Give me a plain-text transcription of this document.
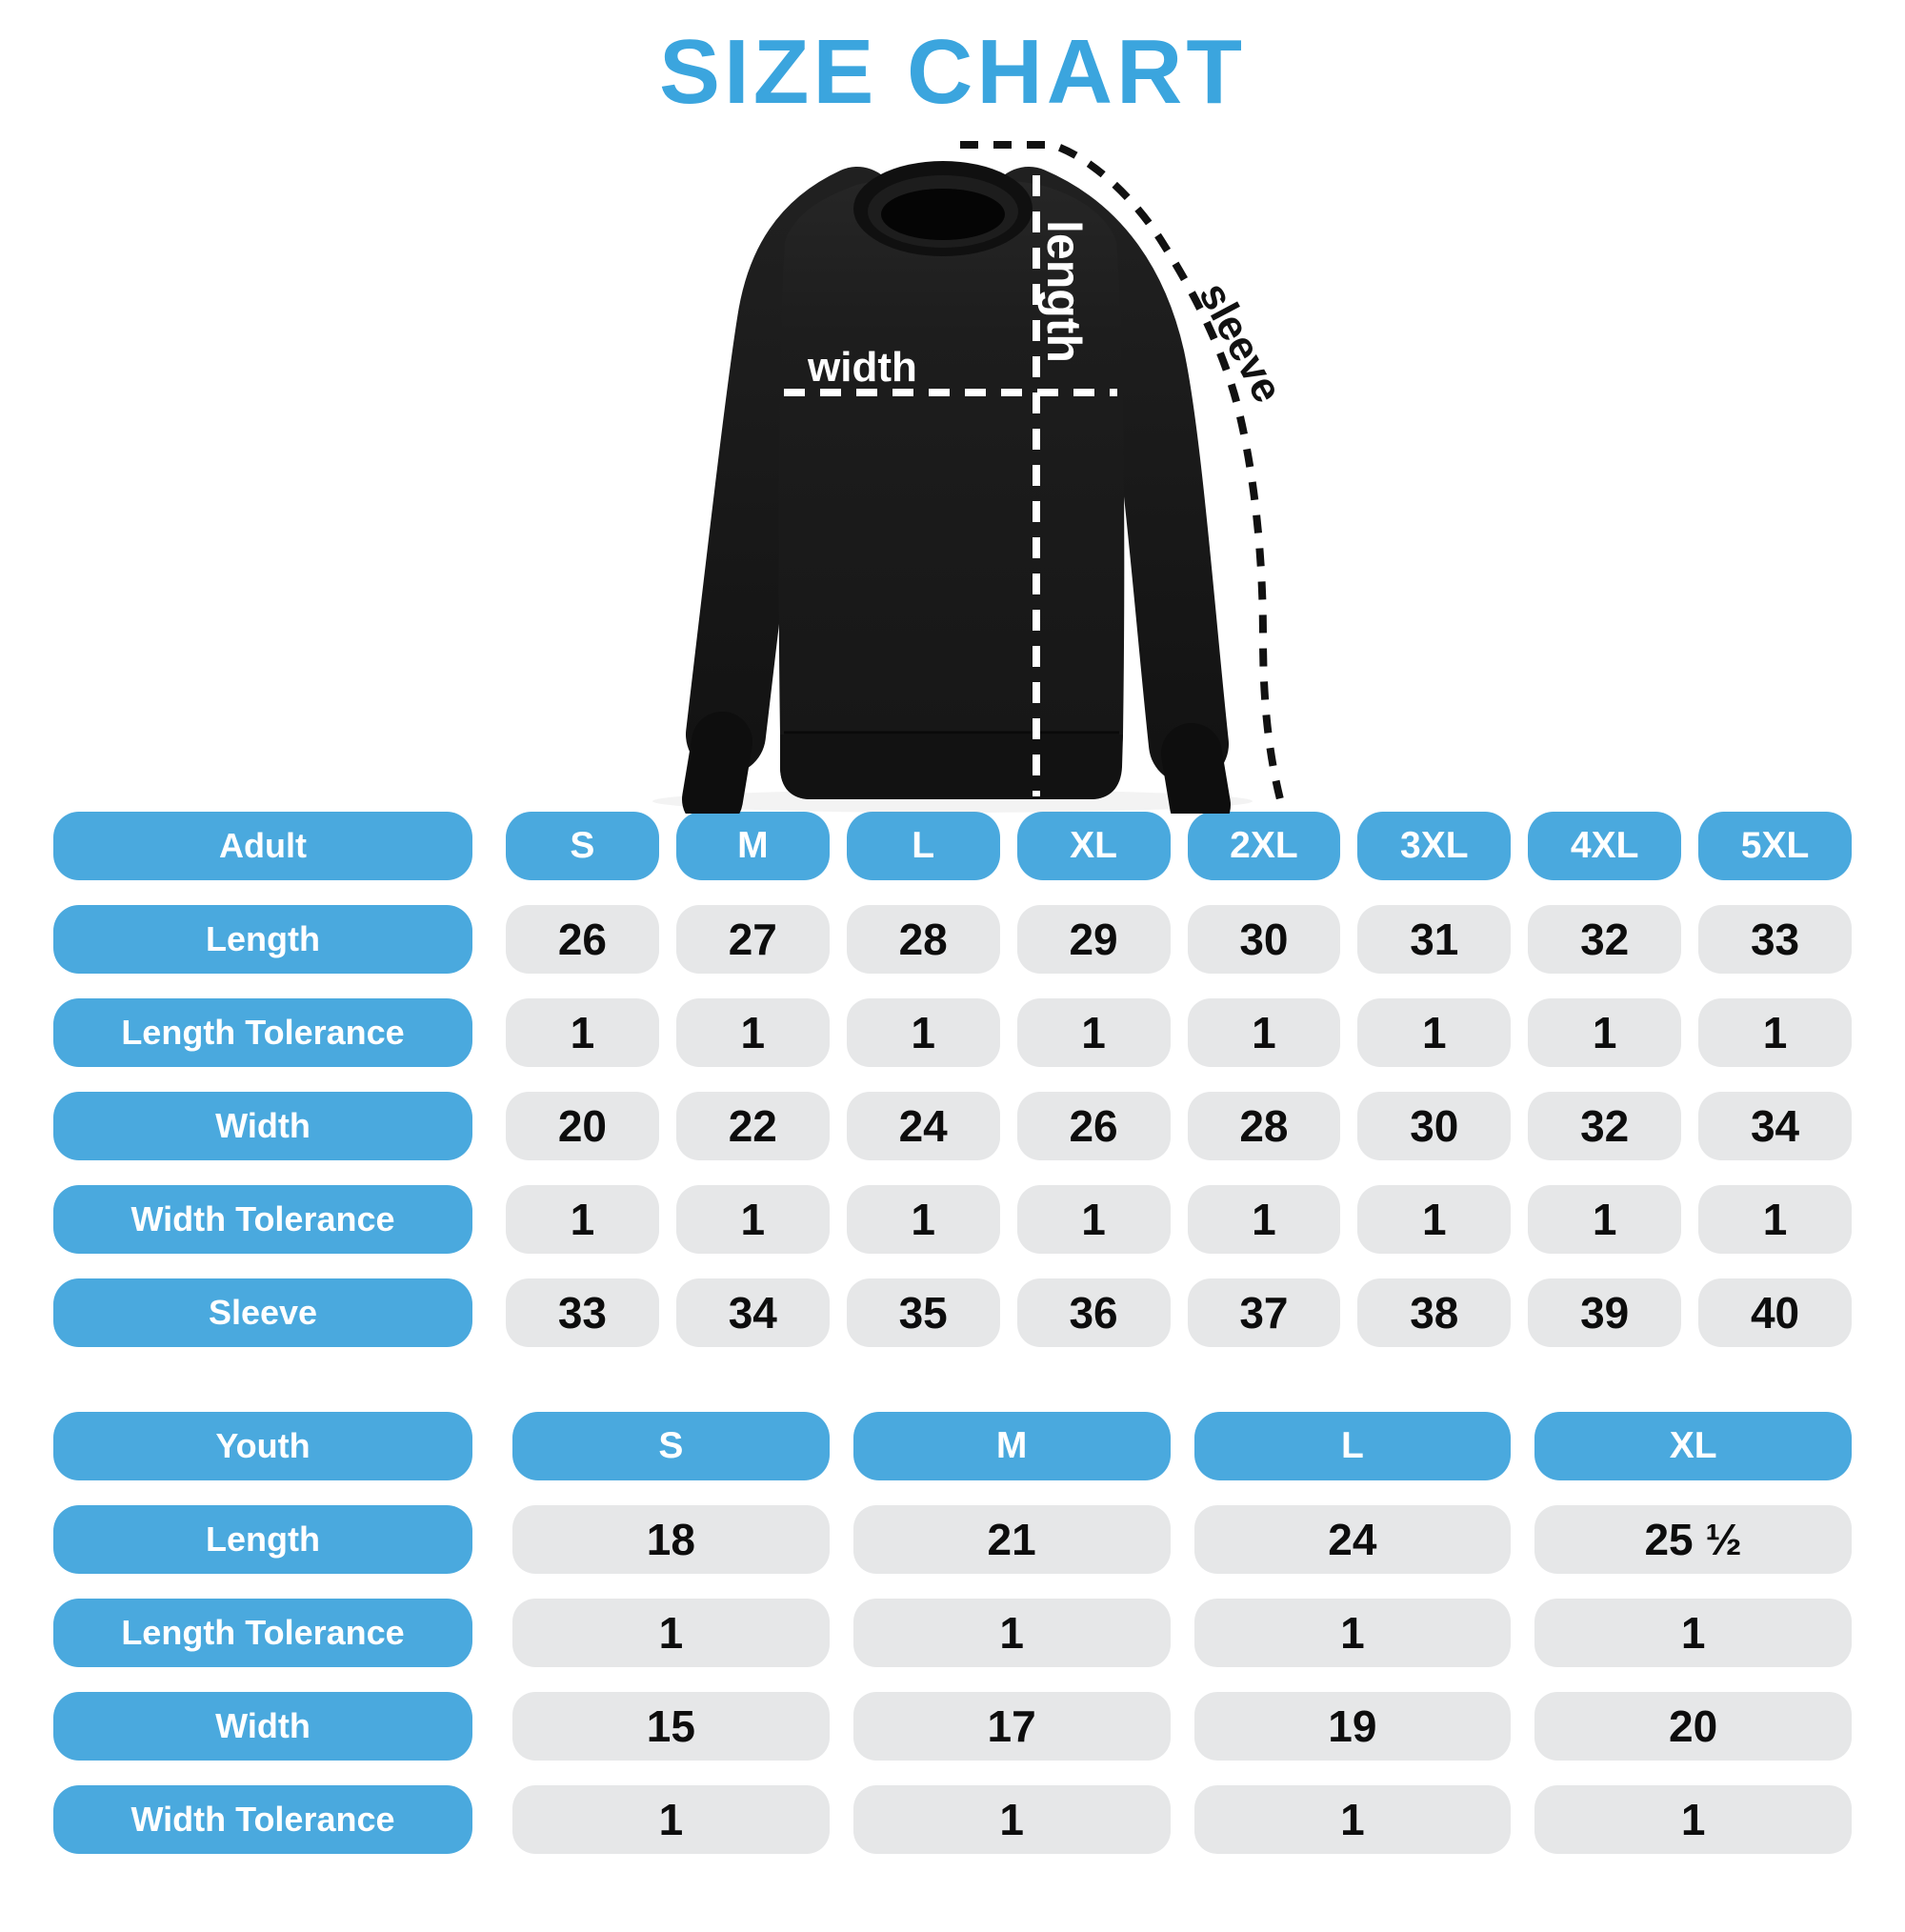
SIZE CHART
length
width	sleeve
Adult	S	M	L	XL	2XL	3XL	4XL	5XL
Length	26	27	28	29	30	31	32	33
Length Tolerance	1	1	1	1	1	1	1	1
Width	20	22	24	26	28	30	32	34
Width Tolerance	1	1	1	1	1	1	1	1
Sleeve	33	34	35	36	37	38	39	40
Youth	S	M	L	XL
Length	18	21	24	25 ½
Length Tolerance	1	1	1	1
Width	15	17	19	20
Width Tolerance	1	1	1	1
